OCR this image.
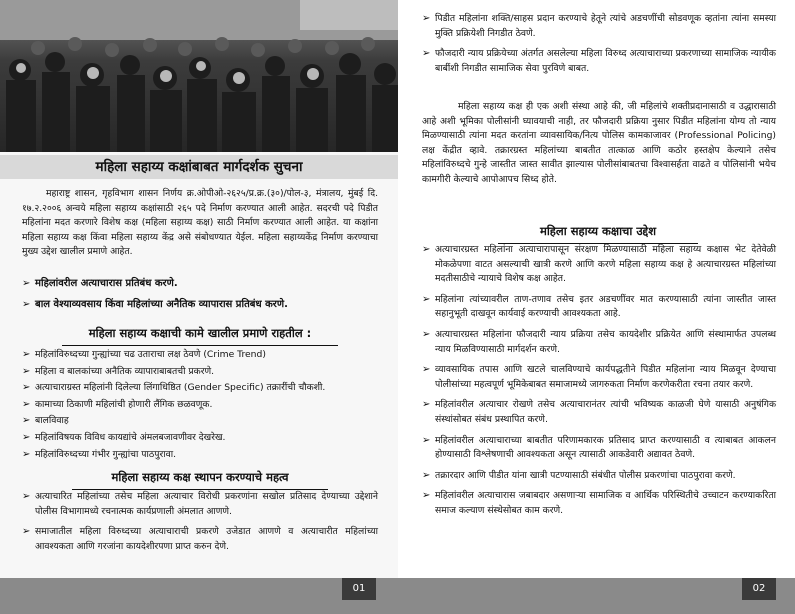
महिला सहाय्य कक्षांबाबत मार्गदर्शक सुचना
महाराष्ट्र शासन, गृहविभाग शासन निर्णय क्र.ओपीओ-२६२५/प्र.क्र.(३०)/पोल-३, मंत्रालय, मुंबई दि. १७.२.२००६ अन्वये महिला सहाय्य कक्षांसाठी २६५ पदे निर्माण करण्यात आली आहेत. सदरची पदे पिडीत महिलांना मदत करणारे विशेष कक्ष (महिला सहाय्य कक्ष) साठी निर्माण करण्यात आली आहेत. या कक्षांना महिला सहाय्य कक्ष किंवा महिला सहाय्य केंद्र असे संबोधण्यात येईल. महिला सहाय्यकेंद्र निर्माण करण्याचा मुख्य उद्देश खालील प्रमाणे आहेत.
➢ महिलांवरील अत्याचारास प्रतिबंध करणे.
➢ बाल वेश्याव्यवसाय किंवा महिलांच्या अनैतिक व्यापारास प्रतिबंध करणे.
महिला सहाय्य कक्षाची कामे खालील प्रमाणे राहतील :
➢ महिलांविरुध्दच्या गुन्ह्यांच्या चढ उताराचा लक्ष ठेवणे (Crime Trend)
➢ महिला व बालकांच्या अनैतिक व्यापाराबाबतची प्रकरणे.
➢ अत्याचाराग्रस्त महिलांनी दिलेल्या लिंगाधिष्ठित (Gender Specific) तक्रारींची चौकशी.
➢ कामाच्या ठिकाणी महिलांची होणारी लैंगिक छळवणूक.
➢ बालविवाह
➢ महिलांविषयक विविध कायद्यांचे अंमलबजावणीवर देखरेख.
➢ महिलांविरुध्दच्या गंभीर गुन्ह्यांचा पाठपुरावा.
महिला सहाय्य कक्ष स्थापन करण्याचे महत्व
➢ अत्याचारित महिलांच्या तसेच महिला अत्याचार विरोधी प्रकरणांना सखोल प्रतिसाद देण्याच्या उद्देशाने पोलीस विभागामध्ये रचनात्मक कार्यप्रणाली अंमलात आणणे.
➢ समाजातील महिला विरुध्दच्या अत्याचाराची प्रकरणे उजेडात आणणे व अत्याचारीत महिलांच्या आवश्यकता आणि गरजांना कायदेशीरपणा प्राप्त करुन देणे.
01
➢ पिडीत महिलांना शक्ति/साहस प्रदान करण्याचे हेतूने त्यांचे अडचणींची सोडवणूक व्हतांना त्यांना समस्या मुक्ति प्रक्रियेशी निगडीत ठेवणे.
➢ फौजदारी न्याय प्रक्रियेच्या अंतर्गत असलेल्या महिला विरुध्द अत्याचाराच्या प्रकरणाच्या सामाजिक न्यायीक बाबींशी निगडीत सामाजिक सेवा पुरविणे बाबत.
महिला सहाय्य कक्ष ही एक अशी संस्था आहे की, जी महिलांचे शक्तीप्रदानासाठी व उद्धारासाठी आहे अशी भूमिका पोलीसांनी घ्यावयाची नाही, तर फौजदारी प्रक्रिया नुसार पिडीत महिलांना योग्य तो न्याय मिळण्यासाठी त्यांना मदत करतांना व्यावसायिक/नित्य पोलिस कामकाजावर (Professional Policing) लक्ष केंद्रीत व्हावे. तक्रारग्रस्त महिलांच्या बाबतीत तात्काळ आणि कठोर हस्तक्षेप केल्याने तसेच महिलांविरुध्दचे गुन्हे जास्तीत जास्त सावीत झाल्यास पोलीसांबाबतचा विश्वासर्हता वाढते व पोलिसांनी भयेच कामगीरी केल्याचे आपोआपच सिध्द होते.
महिला सहाय्य कक्षाचा उद्देश
➢ अत्याचारग्रस्त महिलांना अत्याचारापासून संरक्षण मिळण्यासाठी महिला सहाय्य कक्षास भेट देतेवेळी मोकळेपणा वाटत असल्याची खात्री करणे आणि करणे महिला सहाय्य कक्ष हे अत्याचारग्रस्त महिलांच्या मदतीसाठीचे न्यायाचे विशेष कक्ष आहेत.
➢ महिलांना त्यांच्यावरील ताण-तणाव तसेच इतर अडचणींवर मात करण्यासाठी त्यांना जास्तीत जास्त सहानुभूती दाखवून कार्यवाई करण्याची आवश्यकता आहे.
➢ अत्याचारग्रस्त महिलांना फौजदारी न्याय प्रक्रिया तसेच कायदेशीर प्रक्रियेत आणि संस्थामार्फत उपलब्ध न्याय मिळविण्यासाठी मार्गदर्शन करणे.
➢ व्यावसायिक तपास आणि खटले चालविण्याचे कार्यपद्धतीने पिडीत महिलांना न्याय मिळवून देण्याचा पोलीसांच्या महत्वपूर्ण भूमिकेबाबत समाजामध्ये जागरुकता निर्माण करणेकरीता रचना तयार करणे.
➢ महिलांवरील अत्याचार रोखणे तसेच अत्याचारानंतर त्यांची भविष्यक काळजी घेणे यासाठी अनुषंगिक संस्थांसोबत संबंध प्रस्थापित करणे.
➢ महिलांवरील अत्याचाराच्या बाबतीत परिणामकारक प्रतिसाद प्राप्त करण्यासाठी व त्याबाबत आकलन होण्यासाठी विश्लेषणाची आवश्यकता असून त्यासाठी आकडेवारी अद्यावत ठेवणे.
➢ तक्रारदार आणि पीडीत यांना खात्री पटण्यासाठी संबंधीत पोलीस प्रकरणांचा पाठपुरावा करणे.
➢ महिलांवरील अत्याचारास जबाबदार असणाऱ्या सामाजिक व आर्थिक परिस्थितीचे उच्चाटन करण्याकरिता समाज कल्याण संस्थेसोबत काम करणे.
02
